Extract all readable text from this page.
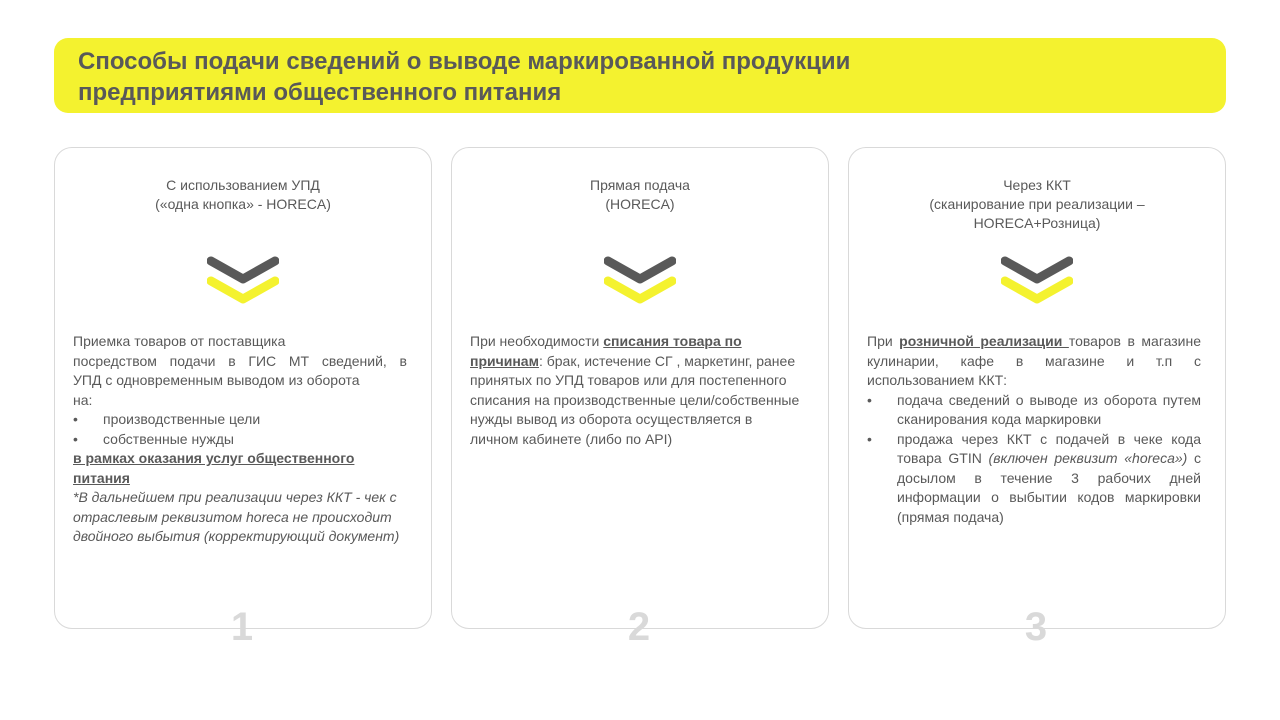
Способы подачи сведений о выводе маркированной продукции
предприятиями общественного питания
С использованием УПД
(«одна кнопка» - HORECA)
Приемка товаров от поставщика
посредством подачи в ГИС МТ сведений, в
УПД с одновременным выводом из оборота
на:
• производственные цели
• собственные нужды
в рамках оказания услуг общественного питания
*В дальнейшем при реализации через ККТ - чек с отраслевым реквизитом horeca не происходит двойного выбытия (корректирующий документ)
Прямая подача
(HORECA)
При необходимости списания товара по причинам: брак, истечение СГ , маркетинг, ранее принятых по УПД товаров или для постепенного списания на производственные цели/собственные нужды вывод из оборота осуществляется в личном кабинете (либо по API)
Через ККТ
(сканирование при реализации –
HORECA+Розница)
При розничной реализации товаров в магазине кулинарии, кафе в магазине и т.п с использованием ККТ:
• подача сведений о выводе из оборота путем сканирования кода маркировки
• продажа через ККТ с подачей в чеке кода товара GTIN (включен реквизит «horeca») с досылом в течение 3 рабочих дней информации о выбытии кодов маркировки (прямая подача)
1	2	3
